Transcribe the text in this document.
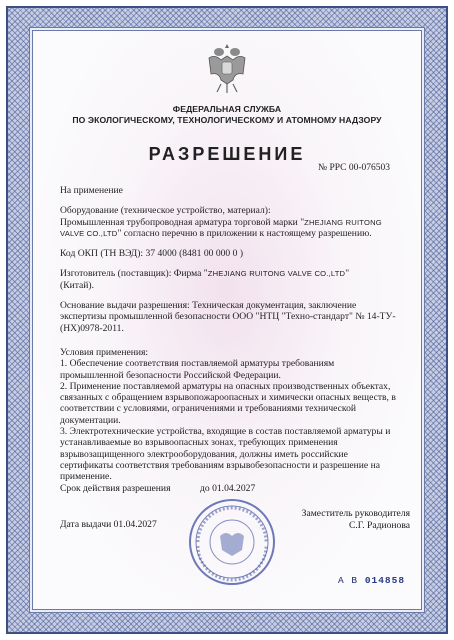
ФЕДЕРАЛЬНАЯ СЛУЖБА
ПО ЭКОЛОГИЧЕСКОМУ, ТЕХНОЛОГИЧЕСКОМУ И АТОМНОМУ НАДЗОРУ
РАЗРЕШЕНИЕ
№ РРС 00-076503

На применение

Оборудование (техническое устройство, материал):

Промышленная трубопроводная арматура торговой марки "ZHEJIANG RUITONG VALVE CO.,LTD" согласно перечню в приложении к настоящему разрешению.

Код ОКП (ТН ВЭД): 37 4000 (8481 00 000 0 )

Изготовитель (поставщик): Фирма "ZHEJIANG RUITONG VALVE CO.,LTD"

(Китай).

Основание выдачи разрешения: Техническая документация, заключение экспертизы промышленной безопасности ООО "НТЦ "Техно-стандарт" № 14-ТУ-(НХ)0978-2011.

Условия применения:

1. Обеспечение соответствия поставляемой арматуры требованиям промышленной безопасности Российской Федерации.

2. Применение поставляемой арматуры на опасных производственных объектах, связанных с обращением взрывопожароопасных и химически опасных веществ, в соответствии с условиями, ограничениями и требованиями технической документации.

3. Электротехнические устройства, входящие в состав поставляемой арматуры и устанавливаемые во взрывоопасных зонах, требующих применения взрывозащищенного электрооборудования, должны иметь российские сертификаты соответствия требованиям взрывобезопасности и разрешение на применение.

Срок действия разрешения	до 01.04.2027
Заместитель руководителя
С.Г. Радионова
Дата выдачи 01.04.2027
А В 014858
